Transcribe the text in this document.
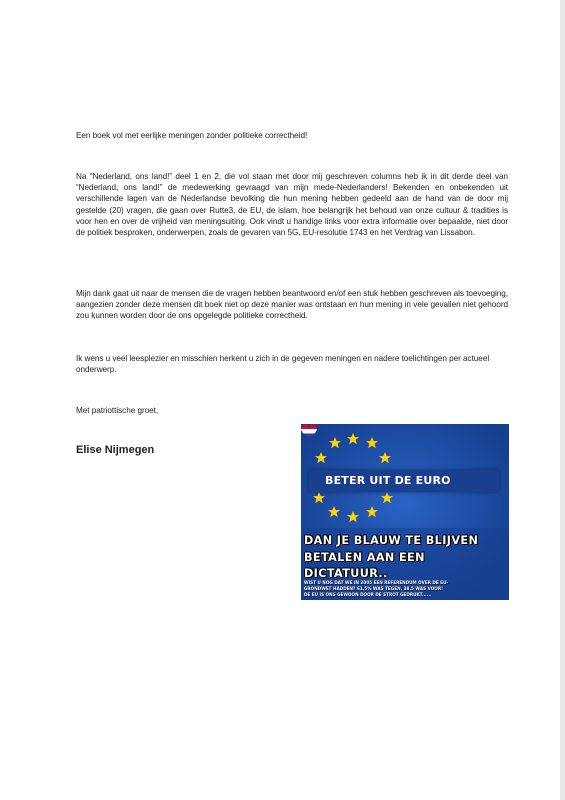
Een boek vol met eerlijke meningen zonder politieke correctheid!

Na “Nederland, ons land!” deel 1 en 2, die vol staan met door mij geschreven columns heb ik in dit derde deel van “Nederland, ons land!” de medewerking gevraagd van mijn mede-Nederlanders! Bekenden en onbekenden uit verschillende lagen van de Nederlandse bevolking die hun mening hebben gedeeld aan de hand van de door mij gestelde (20) vragen, die gaan over Rutte3, de EU, de islam, hoe belangrijk het behoud van onze cultuur & tradities is voor hen en over de vrijheid van meningsuiting. Ook vindt u handige links voor extra informatie over bepaalde, niet door de politiek besproken, onderwerpen, zoals de gevaren van 5G, EU-resolutie 1743 en het Verdrag van Lissabon.

Mijn dank gaat uit naar de mensen die de vragen hebben beantwoord en/of een stuk hebben geschreven als toevoeging, aangezien zonder deze mensen dit boek niet op deze manier was ontstaan en hun mening in vele gevallen niet gehoord zou kunnen worden door de ons opgelegde politieke correctheid.

Ik wens u veel leesplezier en misschien herkent u zich in de gegeven meningen en nadere toelichtingen per actueel onderwerp.

Met patriottische groet,

Elise Nijmegen
BETER UIT DE EURO
DAN JE BLAUW TE BLIJVEN
BETALEN AAN EEN
DICTATUUR..
WIST U NOG DAT WE IN 2005 EEN REFERENDUM OVER DE EU-
GRONDWET HADDEN? 61,5% WAS TEGEN, 38,5 WAS VOOR!
DE EU IS ONS GEWOON DOOR DE STROT GEDRUKT......
